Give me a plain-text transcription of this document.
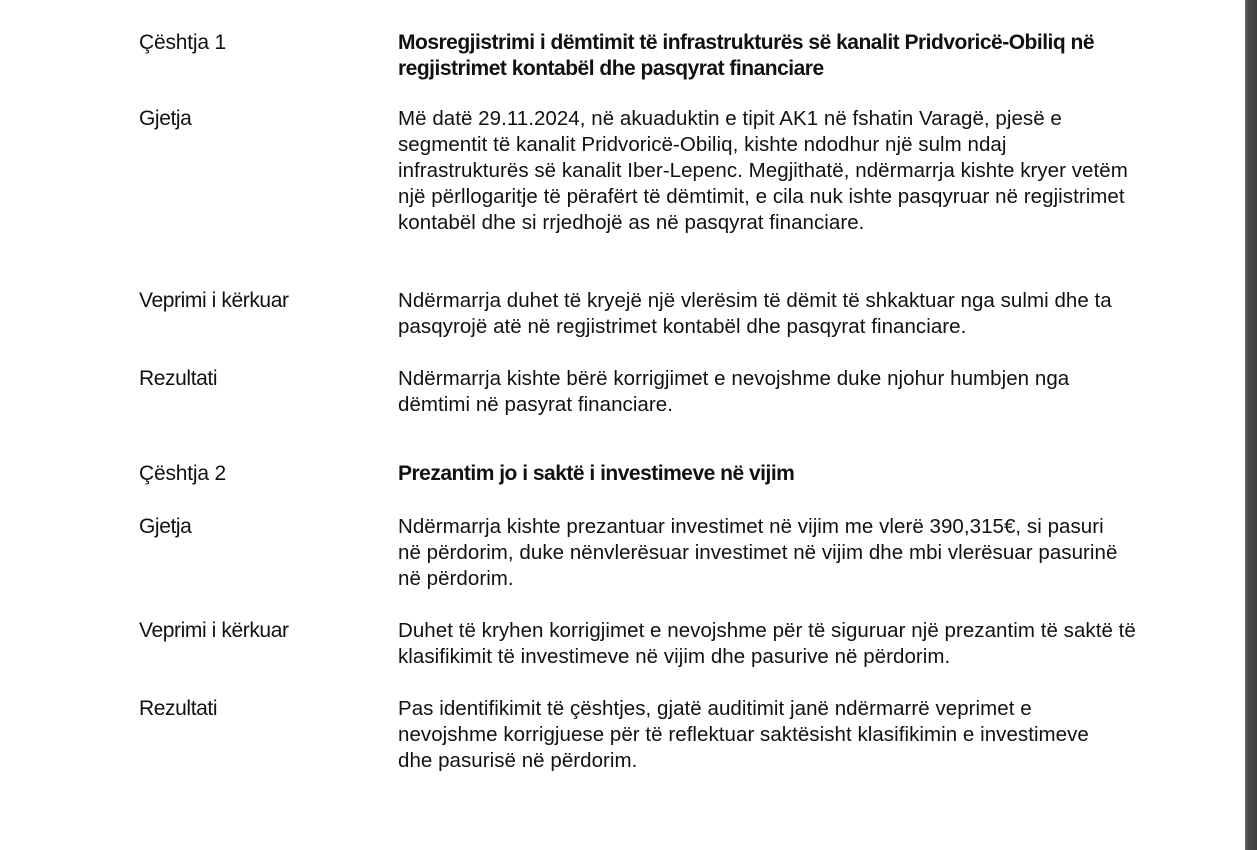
Çështja 1	Mosregjistrimi i dëmtimit të infrastrukturës së kanalit Pridvoricë-Obiliq në regjistrimet kontabël dhe pasqyrat financiare
Gjetja	Më datë 29.11.2024, në akuaduktin e tipit AK1 në fshatin Varagë, pjesë e segmentit të kanalit Pridvoricë-Obiliq, kishte ndodhur një sulm ndaj infrastrukturës së kanalit Iber-Lepenc. Megjithatë, ndërmarrja kishte kryer vetëm një përllogaritje të përafërt të dëmtimit, e cila nuk ishte pasqyruar në regjistrimet kontabël dhe si rrjedhojë as në pasqyrat financiare.
Veprimi i kërkuar	Ndërmarrja duhet të kryejë një vlerësim të dëmit të shkaktuar nga sulmi dhe ta pasqyrojë atë në regjistrimet kontabël dhe pasqyrat financiare.
Rezultati	Ndërmarrja kishte bërë korrigjimet e nevojshme duke njohur humbjen nga dëmtimi në pasyrat financiare.
Çështja 2	Prezantim jo i saktë i investimeve në vijim
Gjetja	Ndërmarrja kishte prezantuar investimet në vijim me vlerë 390,315€, si pasuri në përdorim, duke nënvlerësuar investimet në vijim dhe mbi vlerësuar pasurinë në përdorim.
Veprimi i kërkuar	Duhet të kryhen korrigjimet e nevojshme për të siguruar një prezantim të saktë të klasifikimit të investimeve në vijim dhe pasurive në përdorim.
Rezultati	Pas identifikimit të çështjes, gjatë auditimit janë ndërmarrë veprimet e nevojshme korrigjuese për të reflektuar saktësisht klasifikimin e investimeve dhe pasurisë në përdorim.
